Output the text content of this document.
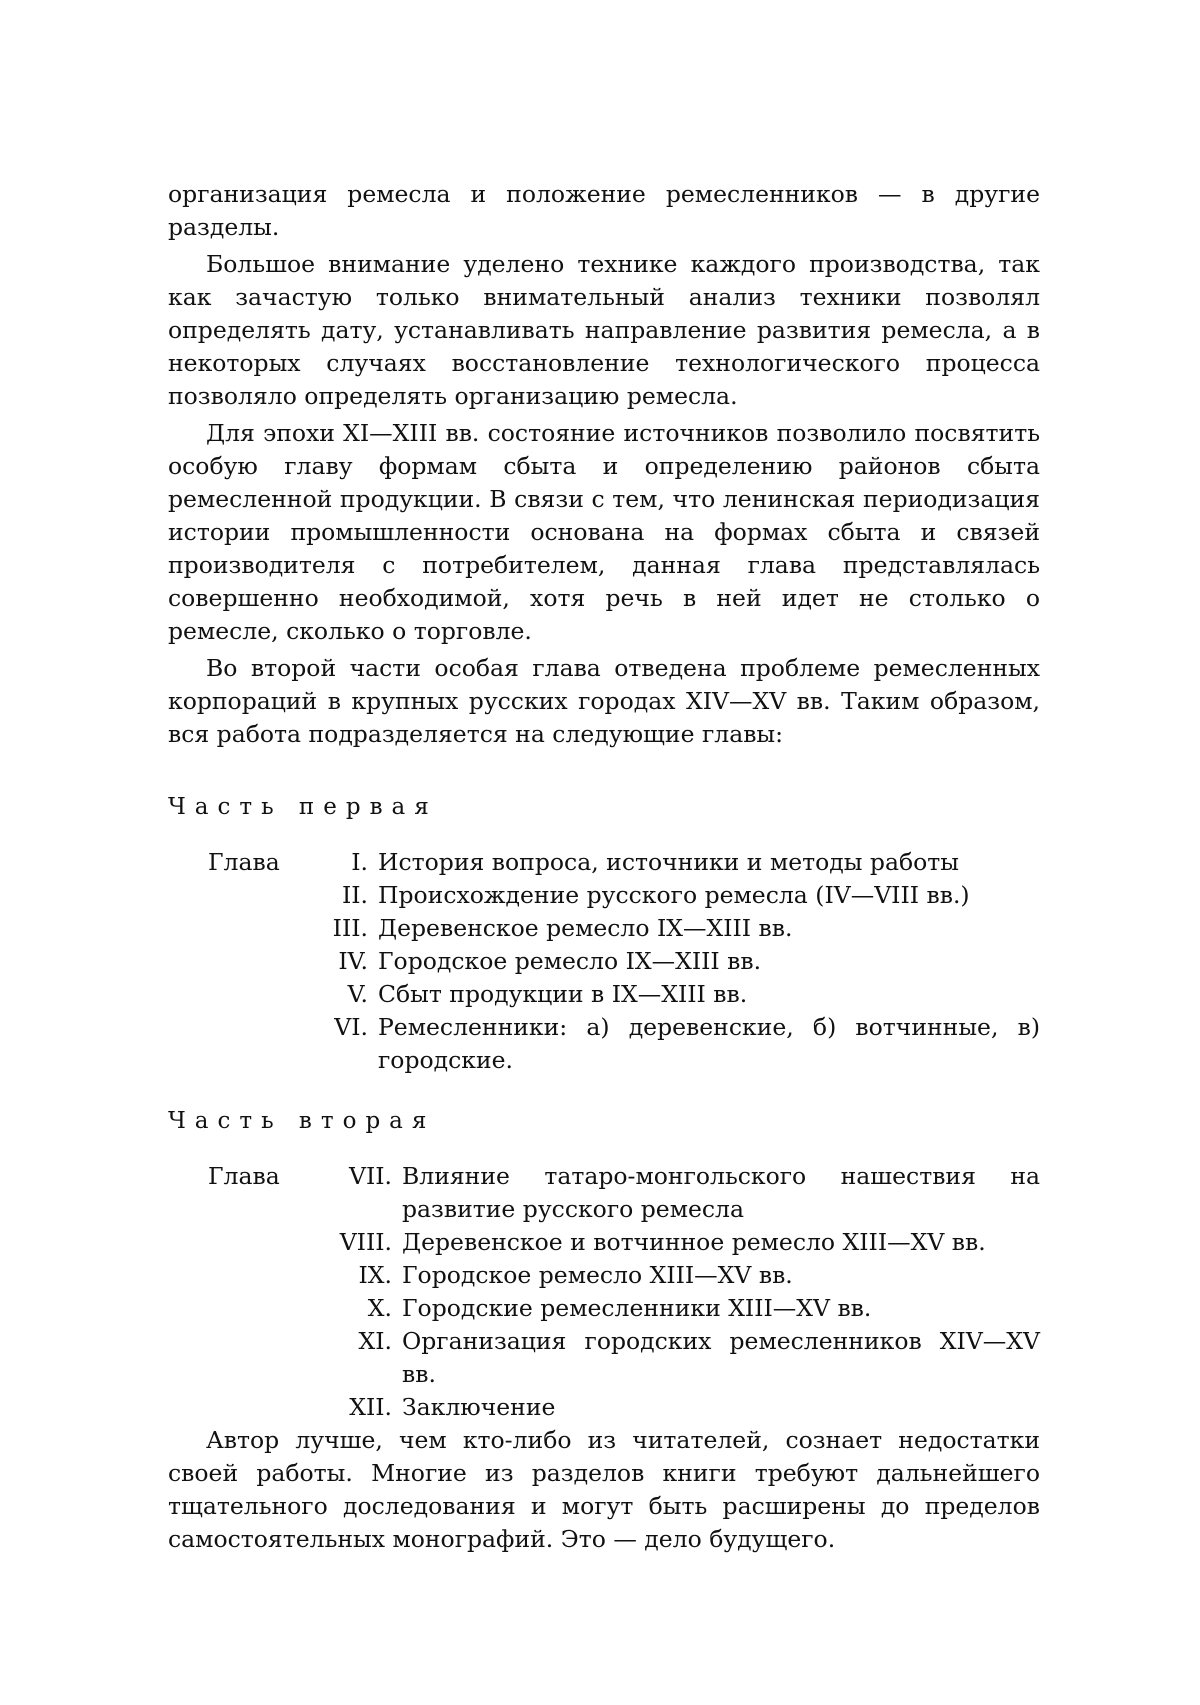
организация ремесла и положение ремесленников — в другие разделы.

Большое внимание уделено технике каждого производства, так как зачастую только внимательный анализ техники позволял определять дату, устанавливать направление развития ремесла, а в некоторых случаях восстановление технологического процесса позволяло определять организацию ремесла.

Для эпохи XI—XIII вв. состояние источников позволило посвятить особую главу формам сбыта и определению районов сбыта ремесленной продукции. В связи с тем, что ленинская периодизация истории промышленности основана на формах сбыта и связей производителя с потребителем, данная глава представлялась совершенно необходимой, хотя речь в ней идет не столько о ремесле, сколько о торговле.

Во второй части особая глава отведена проблеме ремесленных корпораций в крупных русских городах XIV—XV вв. Таким образом, вся работа подразделяется на следующие главы:

Часть первая
Глава	I. История вопроса, источники и методы работы
II. Происхождение русского ремесла (IV—VIII вв.)
III. Деревенское ремесло IX—XIII вв.
IV. Городское ремесло IX—XIII вв.
V. Сбыт продукции в IX—XIII вв.
VI. Ремесленники: а) деревенские, б) вотчинные, в) городские.
Часть вторая
Глава	VII. Влияние татаро-монгольского нашествия на развитие русского ремесла
VIII. Деревенское и вотчинное ремесло XIII—XV вв.
IX. Городское ремесло XIII—XV вв.
X. Городские ремесленники XIII—XV вв.
XI. Организация городских ремесленников XIV—XV вв.
XII. Заключение

Автор лучше, чем кто-либо из читателей, сознает недостатки своей работы. Многие из разделов книги требуют дальнейшего тщательного доследования и могут быть расширены до пределов самостоятельных монографий. Это — дело будущего.
